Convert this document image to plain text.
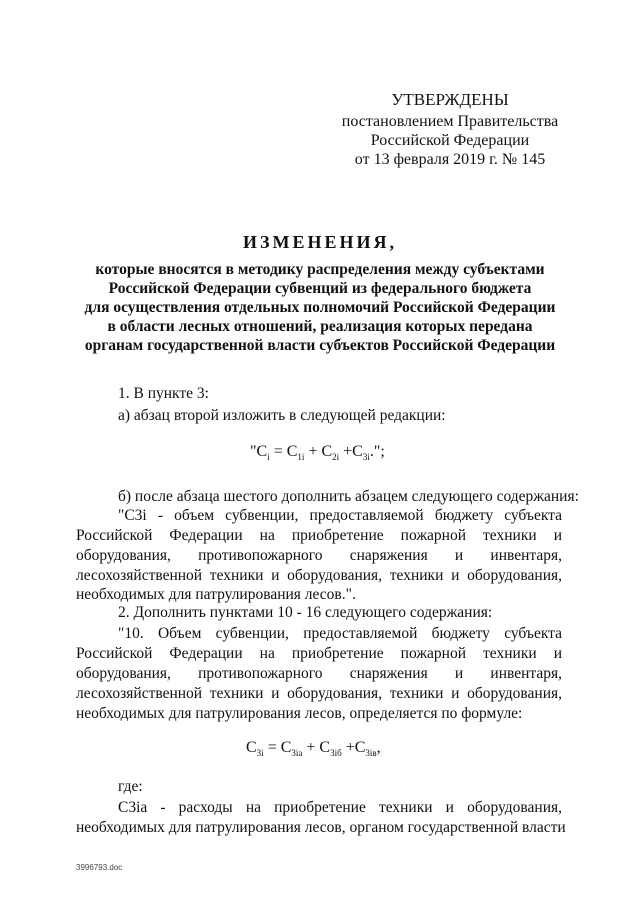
УТВЕРЖДЕНЫ
постановлением Правительства
Российской Федерации
от 13 февраля 2019 г. № 145
ИЗМЕНЕНИЯ,
которые вносятся в методику распределения между субъектами
Российской Федерации субвенций из федерального бюджета
для осуществления отдельных полномочий Российской Федерации
в области лесных отношений, реализация которых передана
органам государственной власти субъектов Российской Федерации
1. В пункте 3:
а) абзац второй изложить в следующей редакции:
"$C_i = C_{1i} + C_{2i} +C_{3i}$.";
б) после абзаца шестого дополнить абзацем следующего содержания:
"C3i - объем субвенции, предоставляемой бюджету субъекта
Российской Федерации на приобретение пожарной техники и
оборудования, противопожарного снаряжения и инвентаря,
лесохозяйственной техники и оборудования, техники и оборудования,
необходимых для патрулирования лесов.".
2. Дополнить пунктами 10 - 16 следующего содержания:
"10. Объем субвенции, предоставляемой бюджету субъекта
Российской Федерации на приобретение пожарной техники и
оборудования, противопожарного снаряжения и инвентаря,
лесохозяйственной техники и оборудования, техники и оборудования,
необходимых для патрулирования лесов, определяется по формуле:
$C_{3i} = C_{3iа} + C_{3iб} +C_{3iв}$,
где:
C3iа - расходы на приобретение техники и оборудования,
необходимых для патрулирования лесов, органом государственной власти
3996793.doc
